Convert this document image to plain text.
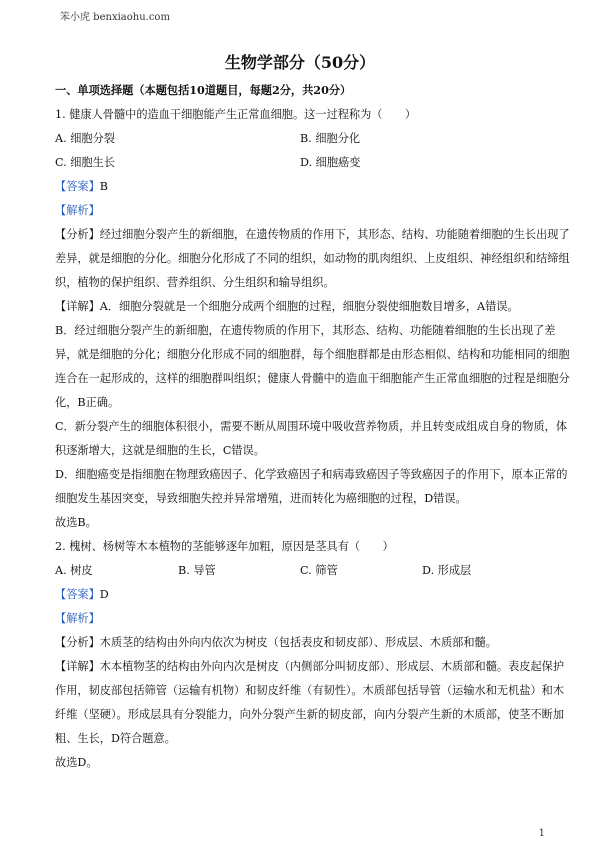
笨小虎 benxiaohu.com
生物学部分（50分）
一、单项选择题（本题包括10道题目，每题2分，共20分）
1. 健康人骨髓中的造血干细胞能产生正常血细胞。这一过程称为（　　）
A. 细胞分裂	B. 细胞分化
C. 细胞生长	D. 细胞癌变
【答案】B
【解析】
【分析】经过细胞分裂产生的新细胞，在遗传物质的作用下，其形态、结构、功能随着细胞的生长出现了
差异，就是细胞的分化。细胞分化形成了不同的组织，如动物的肌肉组织、上皮组织、神经组织和结缔组
织，植物的保护组织、营养组织、分生组织和输导组织。
【详解】A．细胞分裂就是一个细胞分成两个细胞的过程，细胞分裂使细胞数目增多，A错误。
B．经过细胞分裂产生的新细胞，在遗传物质的作用下，其形态、结构、功能随着细胞的生长出现了差
异，就是细胞的分化；细胞分化形成不同的细胞群，每个细胞群都是由形态相似、结构和功能相同的细胞
连合在一起形成的，这样的细胞群叫组织；健康人骨髓中的造血干细胞能产生正常血细胞的过程是细胞分
化，B正确。
C．新分裂产生的细胞体积很小，需要不断从周围环境中吸收营养物质，并且转变成组成自身的物质，体
积逐渐增大，这就是细胞的生长，C错误。
D．细胞癌变是指细胞在物理致癌因子、化学致癌因子和病毒致癌因子等致癌因子的作用下，原本正常的
细胞发生基因突变，导致细胞失控并异常增殖，进而转化为癌细胞的过程，D错误。
故选B。
2. 槐树、杨树等木本植物的茎能够逐年加粗，原因是茎具有（　　）
A. 树皮	B. 导管	C. 筛管	D. 形成层
【答案】D
【解析】
【分析】木质茎的结构由外向内依次为树皮（包括表皮和韧皮部）、形成层、木质部和髓。
【详解】木本植物茎的结构由外向内次是树皮（内侧部分叫韧皮部）、形成层、木质部和髓。表皮起保护
作用，韧皮部包括筛管（运输有机物）和韧皮纤维（有韧性）。木质部包括导管（运输水和无机盐）和木
纤维（坚硬）。形成层具有分裂能力，向外分裂产生新的韧皮部，向内分裂产生新的木质部，使茎不断加
粗、生长，D符合题意。
故选D。
1
